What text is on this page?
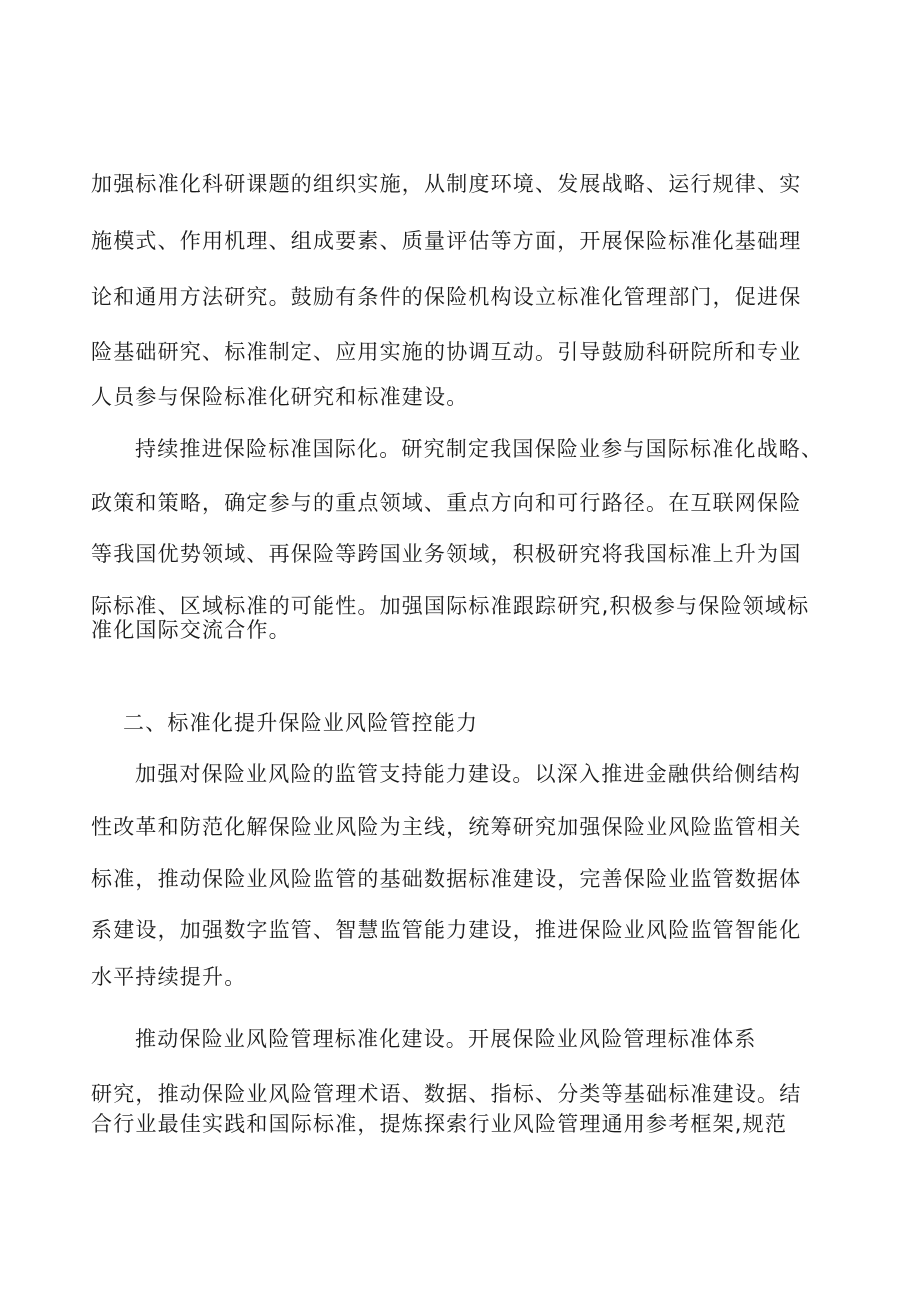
加强标准化科研课题的组织实施，从制度环境、发展战略、运行规律、实
施模式、作用机理、组成要素、质量评估等方面，开展保险标准化基础理
论和通用方法研究。鼓励有条件的保险机构设立标准化管理部门，促进保
险基础研究、标准制定、应用实施的协调互动。引导鼓励科研院所和专业
人员参与保险标准化研究和标准建设。
持续推进保险标准国际化。研究制定我国保险业参与国际标准化战略、
政策和策略，确定参与的重点领域、重点方向和可行路径。在互联网保险
等我国优势领域、再保险等跨国业务领域，积极研究将我国标准上升为国
际标准、区域标准的可能性。加强国际标准跟踪研究,积极参与保险领域标
准化国际交流合作。
二、标准化提升保险业风险管控能力
加强对保险业风险的监管支持能力建设。以深入推进金融供给侧结构
性改革和防范化解保险业风险为主线，统筹研究加强保险业风险监管相关
标准，推动保险业风险监管的基础数据标准建设，完善保险业监管数据体
系建设，加强数字监管、智慧监管能力建设，推进保险业风险监管智能化
水平持续提升。
推动保险业风险管理标准化建设。开展保险业风险管理标准体系
研究，推动保险业风险管理术语、数据、指标、分类等基础标准建设。结
合行业最佳实践和国际标准，提炼探索行业风险管理通用参考框架,规范
